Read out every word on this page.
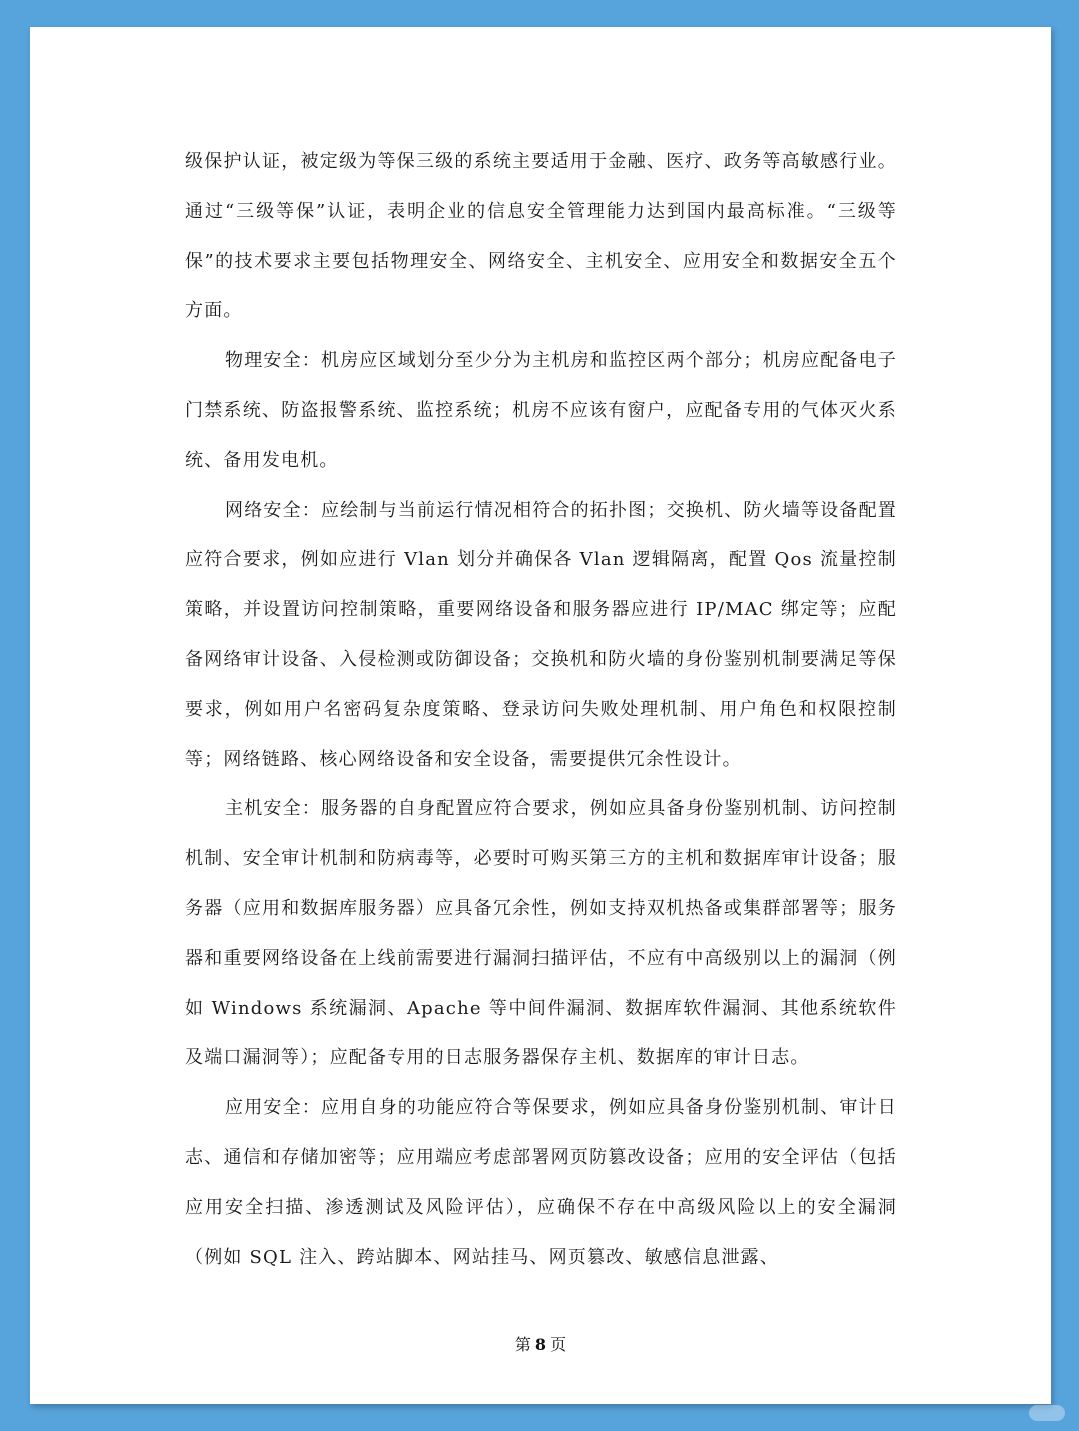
级保护认证，被定级为等保三级的系统主要适用于金融、医疗、政务等高敏感行业。通过“三级等保”认证，表明企业的信息安全管理能力达到国内最高标准。“三级等保”的技术要求主要包括物理安全、网络安全、主机安全、应用安全和数据安全五个方面。

物理安全：机房应区域划分至少分为主机房和监控区两个部分；机房应配备电子门禁系统、防盗报警系统、监控系统；机房不应该有窗户，应配备专用的气体灭火系统、备用发电机。

网络安全：应绘制与当前运行情况相符合的拓扑图；交换机、防火墙等设备配置应符合要求，例如应进行 Vlan 划分并确保各 Vlan 逻辑隔离，配置 Qos 流量控制策略，并设置访问控制策略，重要网络设备和服务器应进行 IP/MAC 绑定等；应配备网络审计设备、入侵检测或防御设备；交换机和防火墙的身份鉴别机制要满足等保要求，例如用户名密码复杂度策略、登录访问失败处理机制、用户角色和权限控制等；网络链路、核心网络设备和安全设备，需要提供冗余性设计。

主机安全：服务器的自身配置应符合要求，例如应具备身份鉴别机制、访问控制机制、安全审计机制和防病毒等，必要时可购买第三方的主机和数据库审计设备；服务器（应用和数据库服务器）应具备冗余性，例如支持双机热备或集群部署等；服务器和重要网络设备在上线前需要进行漏洞扫描评估，不应有中高级别以上的漏洞（例如 Windows 系统漏洞、Apache 等中间件漏洞、数据库软件漏洞、其他系统软件及端口漏洞等）；应配备专用的日志服务器保存主机、数据库的审计日志。

应用安全：应用自身的功能应符合等保要求，例如应具备身份鉴别机制、审计日志、通信和存储加密等；应用端应考虑部署网页防篡改设备；应用的安全评估（包括应用安全扫描、渗透测试及风险评估），应确保不存在中高级风险以上的安全漏洞（例如 SQL 注入、跨站脚本、网站挂马、网页篡改、敏感信息泄露、

第 8 页
